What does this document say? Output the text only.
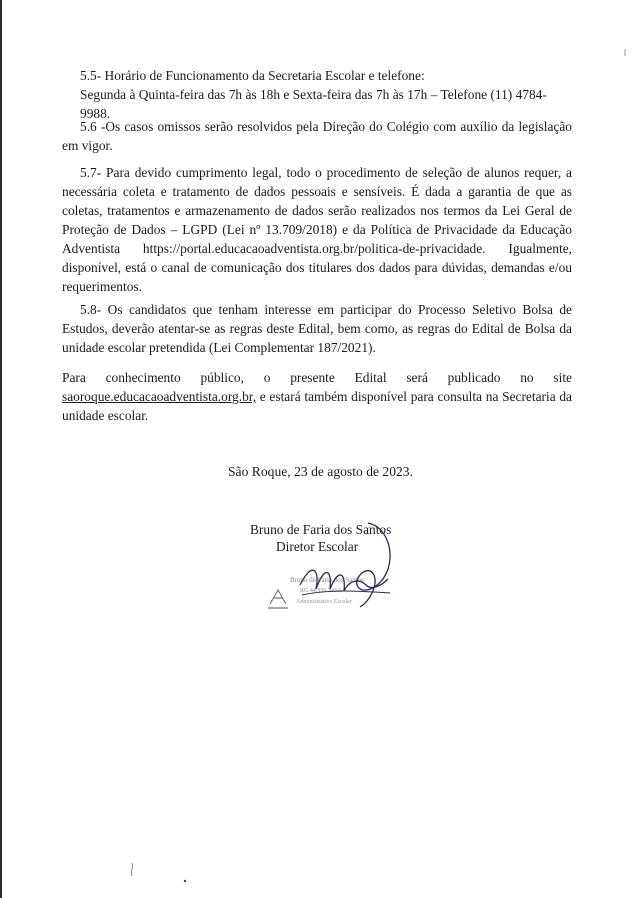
5.5- Horário de Funcionamento da Secretaria Escolar e telefone:
Segunda à Quinta-feira das 7h às 18h e Sexta-feira das 7h às 17h – Telefone (11) 4784-9988.
5.6 -Os casos omissos serão resolvidos pela Direção do Colégio com auxílio da legislação em vigor.
5.7- Para devido cumprimento legal, todo o procedimento de seleção de alunos requer, a necessária coleta e tratamento de dados pessoais e sensíveis. É dada a garantia de que as coletas, tratamentos e armazenamento de dados serão realizados nos termos da Lei Geral de Proteção de Dados – LGPD (Lei nº 13.709/2018) e da Política de Privacidade da Educação Adventista https://portal.educacaoadventista.org.br/politica-de-privacidade. Igualmente, disponível, está o canal de comunicação dos titulares dos dados para dúvidas, demandas e/ou requerimentos.
5.8- Os candidatos que tenham interesse em participar do Processo Seletivo Bolsa de Estudos, deverão atentar-se as regras deste Edital, bem como, as regras do Edital de Bolsa da unidade escolar pretendida (Lei Complementar 187/2021).
Para conhecimento público, o presente Edital será publicado no site
saoroque.educacaoadventista.org.br, e estará também disponível para consulta na Secretaria da unidade escolar.
São Roque, 23 de agosto de 2023.
Bruno de Faria dos Santos
Diretor Escolar
Bruno de Faria dos Santos
RG 44.956.343-6
Administrativo Escolar
